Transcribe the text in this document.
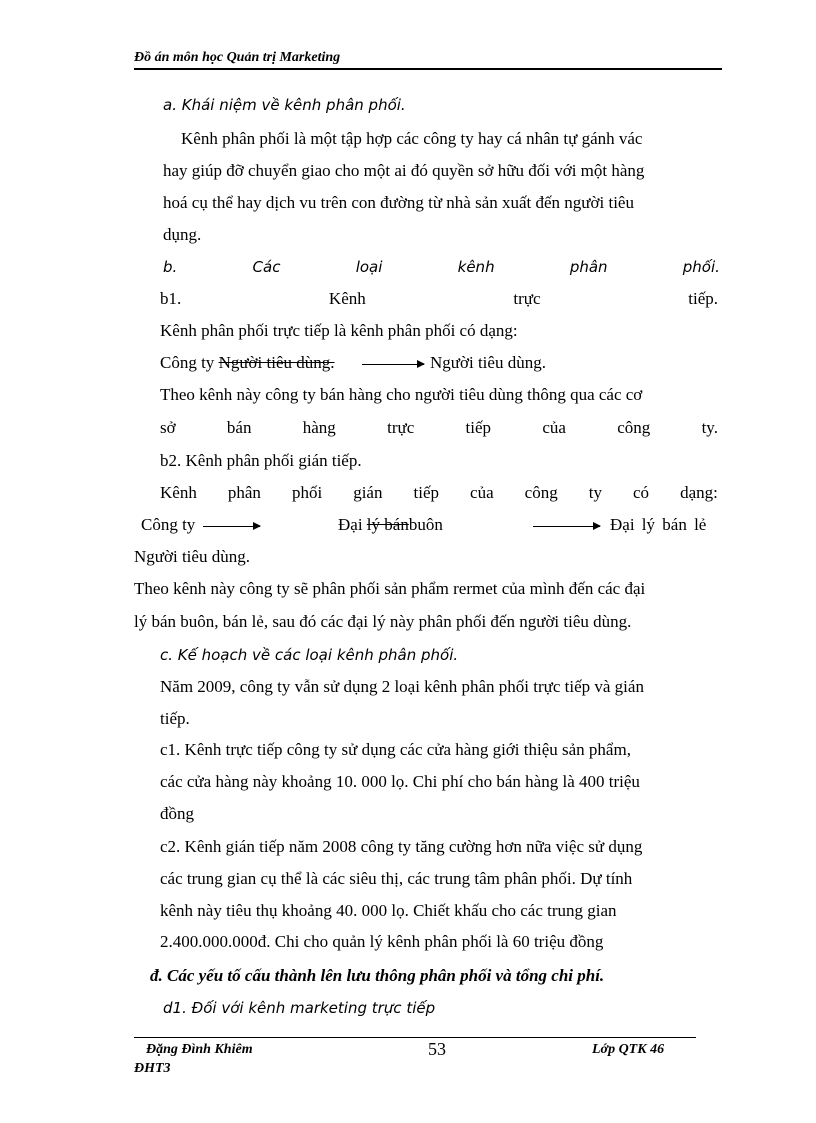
Đồ án môn học Quản trị Marketing
a. Khái niệm về kênh phân phối.
Kênh phân phối là một tập hợp các công ty hay cá nhân tự gánh vác
hay giúp đỡ chuyển giao cho một ai đó quyền sở hữu đối với một hàng
hoá cụ thể hay dịch vu trên con đường từ nhà sản xuất đến người tiêu
dụng.
b.	Các	loại	kênh	phân	phối.
b1.	Kênh	trực	tiếp.
Kênh phân phối trực tiếp là kênh phân phối có dạng:
Công ty Người tiêu dùng.	Người tiêu dùng.
Theo kênh này công ty bán hàng cho người tiêu dùng thông qua các cơ
sở	bán	hàng	trực	tiếp	của	công	ty.
b2. Kênh phân phối gián tiếp.
Kênh phân phối gián tiếp của công ty có dạng:
Công ty	Đại lý bánbuôn	Đại lý bán lẻ
Người tiêu dùng.
Theo kênh này công ty sẽ phân phối sản phẩm rermet của mình đến các đại
lý bán buôn, bán lẻ, sau đó các đại lý này phân phối đến người tiêu dùng.
c. Kế hoạch về các loại kênh phân phối.
Năm 2009, công ty vẫn sử dụng 2 loại kênh phân phối trực tiếp và gián
tiếp.
c1. Kênh trực tiếp công ty sử dụng các cửa hàng giới thiệu sản phẩm,
các cửa hàng này khoảng 10. 000 lọ. Chi phí cho bán hàng là 400 triệu
đồng
c2. Kênh gián tiếp năm 2008 công ty tăng cường hơn nữa việc sử dụng
các trung gian cụ thể là các siêu thị, các trung tâm phân phối. Dự tính
kênh này tiêu thụ khoảng 40. 000 lọ. Chiết khấu cho các trung gian
2.400.000.000đ. Chi cho quản lý kênh phân phối là 60 triệu đồng
đ. Các yếu tố cấu thành lên lưu thông phân phối và tổng chi phí.
d1. Đối với kênh marketing trực tiếp
Đặng Đình Khiêm	53	Lớp QTK 46
ĐHT3
